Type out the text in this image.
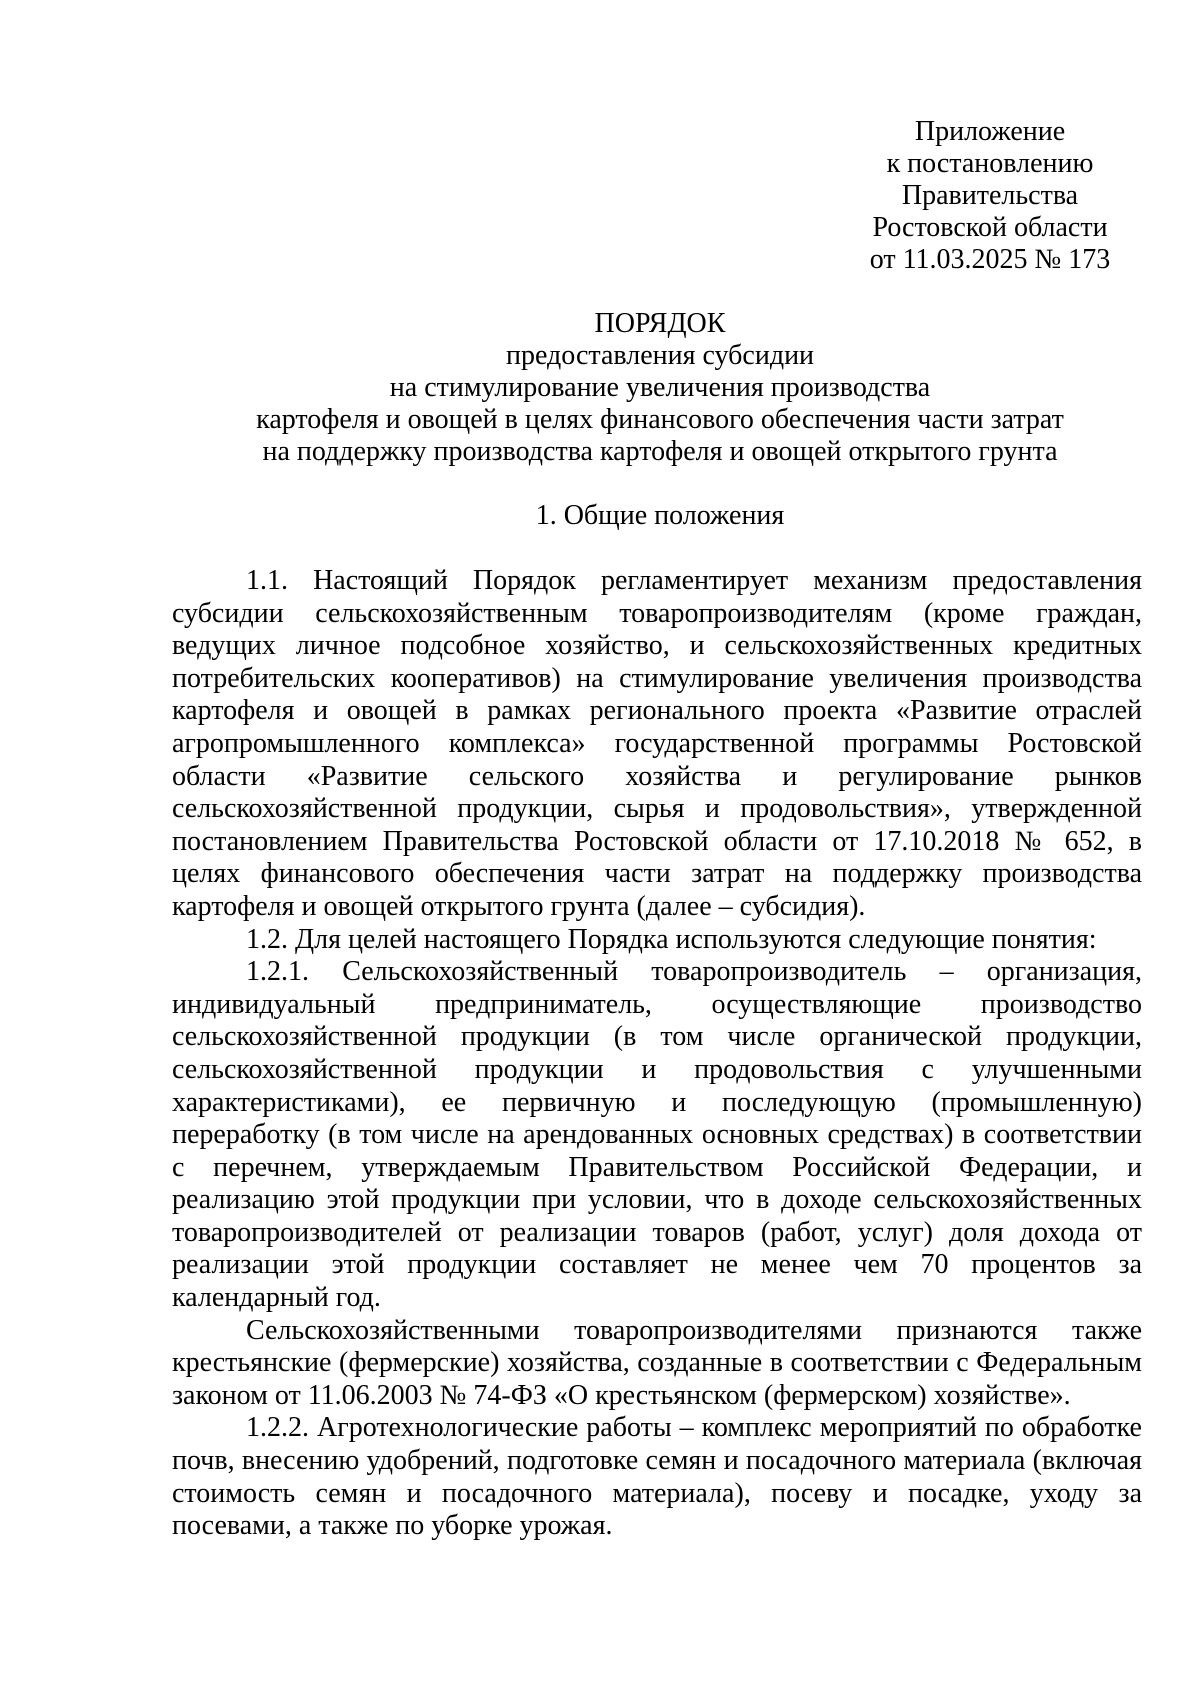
Приложение
к постановлению
Правительства
Ростовской области
от 11.03.2025 № 173
ПОРЯДОК
предоставления субсидии
на стимулирование увеличения производства
картофеля и овощей в целях финансового обеспечения части затрат
на поддержку производства картофеля и овощей открытого грунта
1. Общие положения

1.1. Настоящий Порядок регламентирует механизм предоставления субсидии сельскохозяйственным товаропроизводителям (кроме граждан, ведущих личное подсобное хозяйство, и сельскохозяйственных кредитных потребительских кооперативов) на стимулирование увеличения производства картофеля и овощей в рамках регионального проекта «Развитие отраслей агропромышленного комплекса» государственной программы Ростовской области «Развитие сельского хозяйства и регулирование рынков сельскохозяйственной продукции, сырья и продовольствия», утвержденной постановлением Правительства Ростовской области от 17.10.2018 № 652, в целях финансового обеспечения части затрат на поддержку производства картофеля и овощей открытого грунта (далее – субсидия).

1.2. Для целей настоящего Порядка используются следующие понятия:

1.2.1. Сельскохозяйственный товаропроизводитель – организация, индивидуальный предприниматель, осуществляющие производство сельскохозяйственной продукции (в том числе органической продукции, сельскохозяйственной продукции и продовольствия с улучшенными характеристиками), ее первичную и последующую (промышленную) переработку (в том числе на арендованных основных средствах) в соответствии с перечнем, утверждаемым Правительством Российской Федерации, и реализацию этой продукции при условии, что в доходе сельскохозяйственных товаропроизводителей от реализации товаров (работ, услуг) доля дохода от реализации этой продукции составляет не менее чем 70 процентов за календарный год.

Сельскохозяйственными товаропроизводителями признаются также крестьянские (фермерские) хозяйства, созданные в соответствии с Федеральным законом от 11.06.2003 № 74-ФЗ «О крестьянском (фермерском) хозяйстве».

1.2.2. Агротехнологические работы – комплекс мероприятий по обработке почв, внесению удобрений, подготовке семян и посадочного материала (включая стоимость семян и посадочного материала), посеву и посадке, уходу за посевами, а также по уборке урожая.
